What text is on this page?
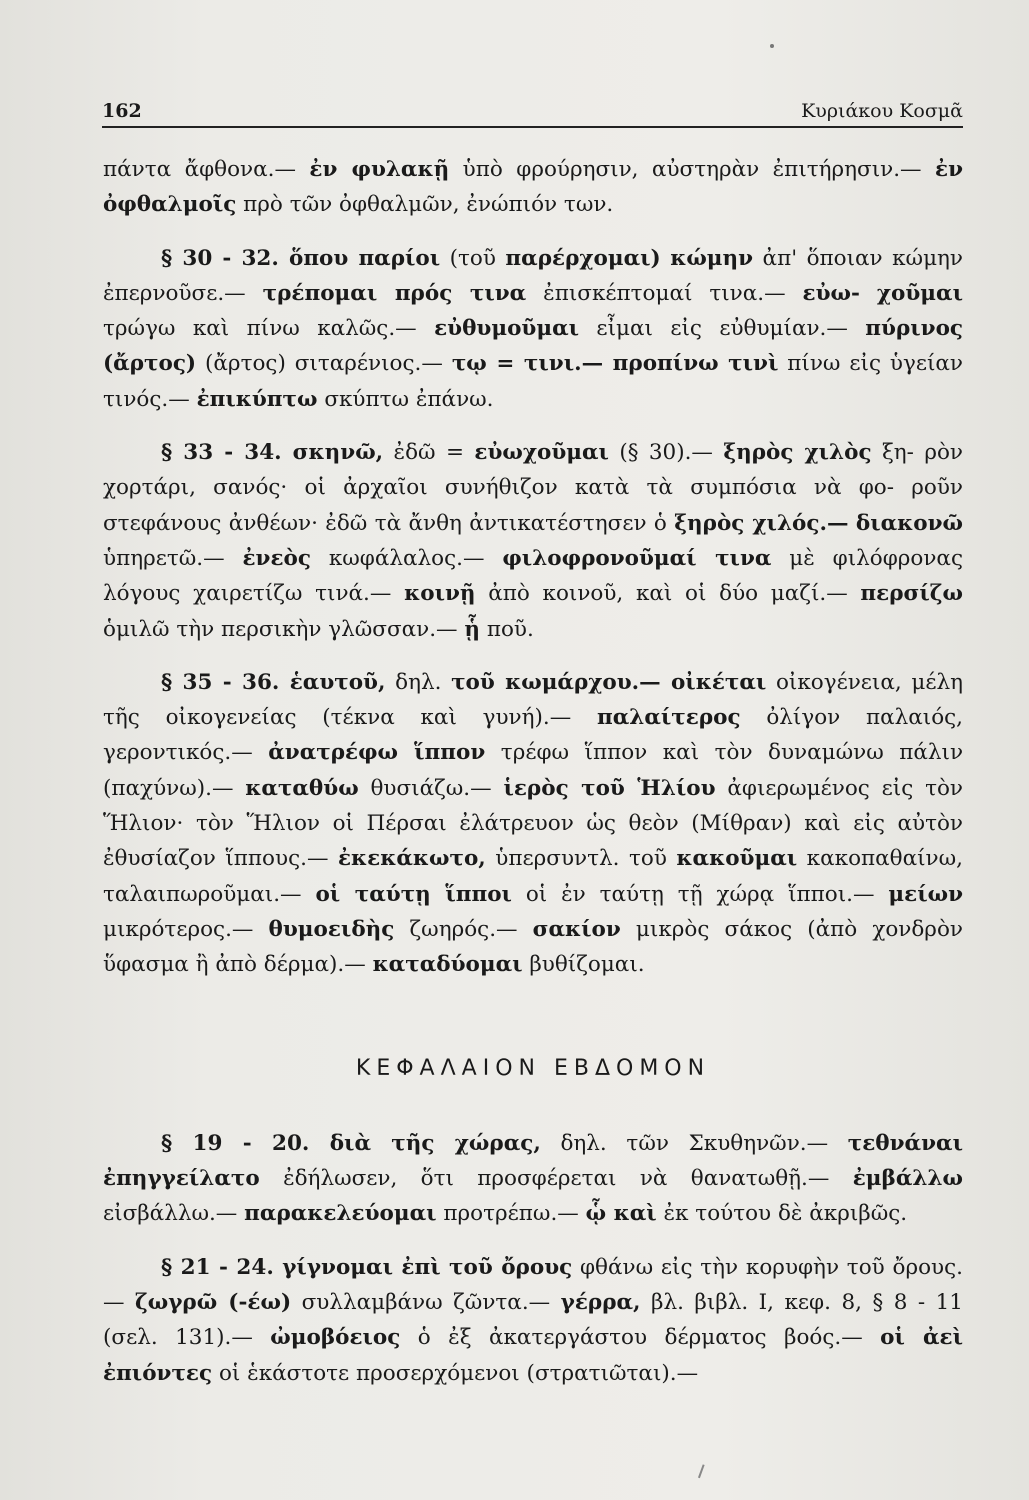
162	Κυριάκου Κοσμᾶ

πάντα ἄφθονα.— ἐν φυλακῇ ὑπὸ φρούρησιν, αὐστηρὰν ἐπιτήρησιν.— ἐν ὀφθαλμοῖς πρὸ τῶν ὀφθαλμῶν, ἐνώπιόν των.

§ 30 - 32. ὅπου παρίοι (τοῦ παρέρχομαι) κώμην ἀπ' ὅποιαν κώμην ἐπερνοῦσε.— τρέπομαι πρός τινα ἐπισκέπτομαί τινα.— εὐω- χοῦμαι τρώγω καὶ πίνω καλῶς.— εὐθυμοῦμαι εἶμαι εἰς εὐθυμίαν.— πύρινος (ἄρτος) (ἄρτος) σιταρένιος.— τῳ = τινι.— προπίνω τινὶ πίνω εἰς ὑγείαν τινός.— ἐπικύπτω σκύπτω ἐπάνω.

§ 33 - 34. σκηνῶ, ἐδῶ = εὐωχοῦμαι (§ 30).— ξηρὸς χιλὸς ξη- ρὸν χορτάρι, σανός· οἱ ἀρχαῖοι συνήθιζον κατὰ τὰ συμπόσια νὰ φο- ροῦν στεφάνους ἀνθέων· ἐδῶ τὰ ἄνθη ἀντικατέστησεν ὁ ξηρὸς χιλός.— διακονῶ ὑπηρετῶ.— ἐνεὸς κωφάλαλος.— φιλοφρονοῦμαί τινα μὲ φιλόφρονας λόγους χαιρετίζω τινά.— κοινῇ ἀπὸ κοινοῦ, καὶ οἱ δύο μαζί.— περσίζω ὁμιλῶ τὴν περσικὴν γλῶσσαν.— ᾗ ποῦ.

§ 35 - 36. ἑαυτοῦ, δηλ. τοῦ κωμάρχου.— οἰκέται οἰκογένεια, μέλη τῆς οἰκογενείας (τέκνα καὶ γυνή).— παλαίτερος ὀλίγον παλαιός, γεροντικός.— ἀνατρέφω ἵππον τρέφω ἵππον καὶ τὸν δυναμώνω πάλιν (παχύνω).— καταθύω θυσιάζω.— ἱερὸς τοῦ Ἡλίου ἀφιερωμένος εἰς τὸν Ἥλιον· τὸν Ἥλιον οἱ Πέρσαι ἐλάτρευον ὡς θεὸν (Μίθραν) καὶ εἰς αὐτὸν ἐθυσίαζον ἵππους.— ἐκεκάκωτο, ὑπερσυντλ. τοῦ κακοῦμαι κακοπαθαίνω, ταλαιπωροῦμαι.— οἱ ταύτῃ ἵπποι οἱ ἐν ταύτῃ τῇ χώρᾳ ἵπποι.— μείων μικρότερος.— θυμοειδὴς ζωηρός.— σακίον μικρὸς σάκος (ἀπὸ χονδρὸν ὕφασμα ἢ ἀπὸ δέρμα).— καταδύομαι βυθίζομαι.

ΚΕΦΑΛΑΙΟΝ ΕΒΔΟΜΟΝ

§ 19 - 20. διὰ τῆς χώρας, δηλ. τῶν Σκυθηνῶν.— τεθνάναι ἐπηγγείλατο ἐδήλωσεν, ὅτι προσφέρεται νὰ θανατωθῇ.— ἐμβάλλω εἰσβάλλω.— παρακελεύομαι προτρέπω.— ᾧ καὶ ἐκ τούτου δὲ ἀκριβῶς.

§ 21 - 24. γίγνομαι ἐπὶ τοῦ ὄρους φθάνω εἰς τὴν κορυφὴν τοῦ ὄρους.— ζωγρῶ (-έω) συλλαμβάνω ζῶντα.— γέρρα, βλ. βιβλ. Ι, κεφ. 8, § 8 - 11 (σελ. 131).— ὠμοβόειος ὁ ἐξ ἀκατεργάστου δέρματος βοός.— οἱ ἀεὶ ἐπιόντες οἱ ἑκάστοτε προσερχόμενοι (στρατιῶται).—
